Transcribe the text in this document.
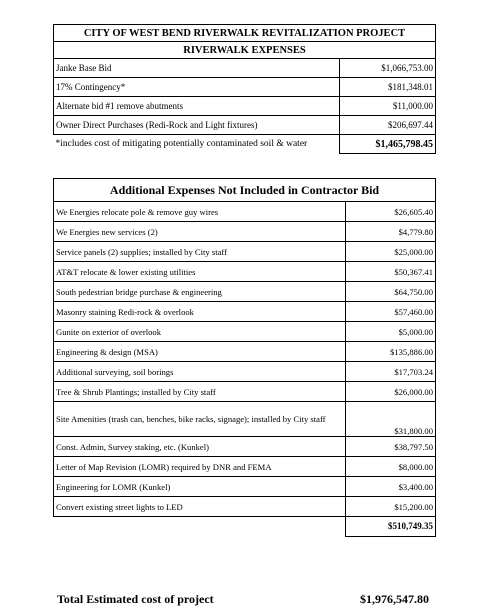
CITY OF WEST BEND RIVERWALK REVITALIZATION PROJECT	
RIVERWALK EXPENSES	
Janke Base Bid	$1,066,753.00
17% Contingency*	$181,348.01
Alternate bid #1 remove abutments	$11,000.00
Owner Direct Purchases (Redi-Rock and Light fixtures)	$206,697.44
*includes cost of mitigating potentially contaminated soil & water	$1,465,798.45
Additional Expenses Not Included in Contractor Bid	
We Energies relocate pole & remove guy wires	$26,605.40
We Energies new services (2)	$4,779.80
Service panels (2) supplies; installed by City staff	$25,000.00
AT&T relocate & lower existing utilities	$50,367.41
South pedestrian bridge purchase & engineering	$64,750.00
Masonry staining Redi-rock & overlook	$57,460.00
Gunite on exterior of overlook	$5,000.00
Engineering & design (MSA)	$135,886.00
Additional surveying, soil borings	$17,703.24
Tree & Shrub Plantings; installed by City staff	$26,000.00
Site Amenities (trash can, benches, bike racks, signage); installed by City staff	$31,800.00
Const. Admin, Survey staking, etc. (Kunkel)	$38,797.50
Letter of Map Revision (LOMR) required by DNR and FEMA	$8,000.00
Engineering for LOMR (Kunkel)	$3,400.00
Convert existing street lights to LED	$15,200.00
	$510,749.35
Total Estimated cost of project	$1,976,547.80
